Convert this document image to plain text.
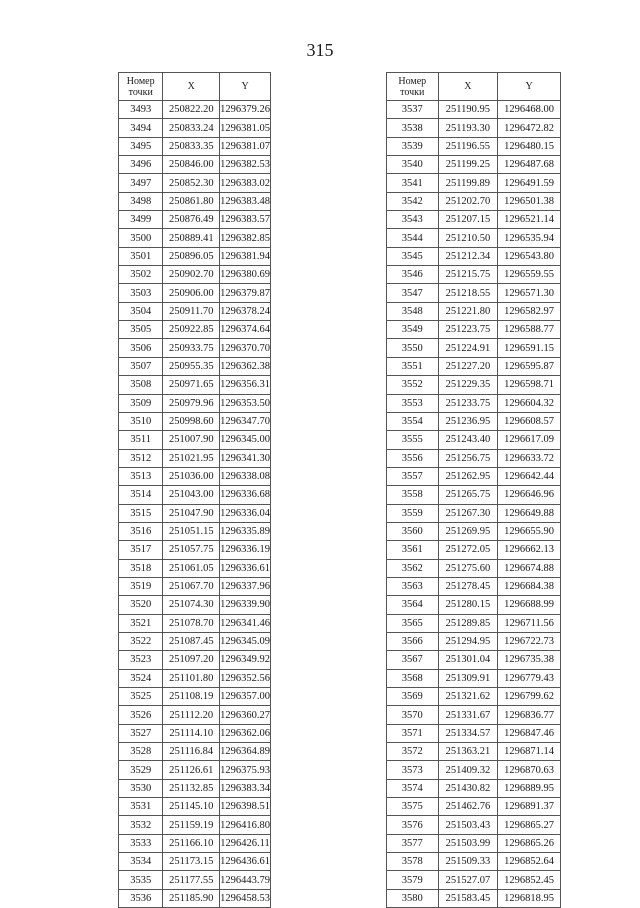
315
Номер
точки	X	Y
3493	250822.20	1296379.26
3494	250833.24	1296381.05
3495	250833.35	1296381.07
3496	250846.00	1296382.53
3497	250852.30	1296383.02
3498	250861.80	1296383.48
3499	250876.49	1296383.57
3500	250889.41	1296382.85
3501	250896.05	1296381.94
3502	250902.70	1296380.69
3503	250906.00	1296379.87
3504	250911.70	1296378.24
3505	250922.85	1296374.64
3506	250933.75	1296370.70
3507	250955.35	1296362.38
3508	250971.65	1296356.31
3509	250979.96	1296353.50
3510	250998.60	1296347.70
3511	251007.90	1296345.00
3512	251021.95	1296341.30
3513	251036.00	1296338.08
3514	251043.00	1296336.68
3515	251047.90	1296336.04
3516	251051.15	1296335.89
3517	251057.75	1296336.19
3518	251061.05	1296336.61
3519	251067.70	1296337.96
3520	251074.30	1296339.90
3521	251078.70	1296341.46
3522	251087.45	1296345.09
3523	251097.20	1296349.92
3524	251101.80	1296352.56
3525	251108.19	1296357.00
3526	251112.20	1296360.27
3527	251114.10	1296362.06
3528	251116.84	1296364.89
3529	251126.61	1296375.93
3530	251132.85	1296383.34
3531	251145.10	1296398.51
3532	251159.19	1296416.80
3533	251166.10	1296426.11
3534	251173.15	1296436.61
3535	251177.55	1296443.79
3536	251185.90	1296458.53
Номер
точки	X	Y
3537	251190.95	1296468.00
3538	251193.30	1296472.82
3539	251196.55	1296480.15
3540	251199.25	1296487.68
3541	251199.89	1296491.59
3542	251202.70	1296501.38
3543	251207.15	1296521.14
3544	251210.50	1296535.94
3545	251212.34	1296543.80
3546	251215.75	1296559.55
3547	251218.55	1296571.30
3548	251221.80	1296582.97
3549	251223.75	1296588.77
3550	251224.91	1296591.15
3551	251227.20	1296595.87
3552	251229.35	1296598.71
3553	251233.75	1296604.32
3554	251236.95	1296608.57
3555	251243.40	1296617.09
3556	251256.75	1296633.72
3557	251262.95	1296642.44
3558	251265.75	1296646.96
3559	251267.30	1296649.88
3560	251269.95	1296655.90
3561	251272.05	1296662.13
3562	251275.60	1296674.88
3563	251278.45	1296684.38
3564	251280.15	1296688.99
3565	251289.85	1296711.56
3566	251294.95	1296722.73
3567	251301.04	1296735.38
3568	251309.91	1296779.43
3569	251321.62	1296799.62
3570	251331.67	1296836.77
3571	251334.57	1296847.46
3572	251363.21	1296871.14
3573	251409.32	1296870.63
3574	251430.82	1296889.95
3575	251462.76	1296891.37
3576	251503.43	1296865.27
3577	251503.99	1296865.26
3578	251509.33	1296852.64
3579	251527.07	1296852.45
3580	251583.45	1296818.95
